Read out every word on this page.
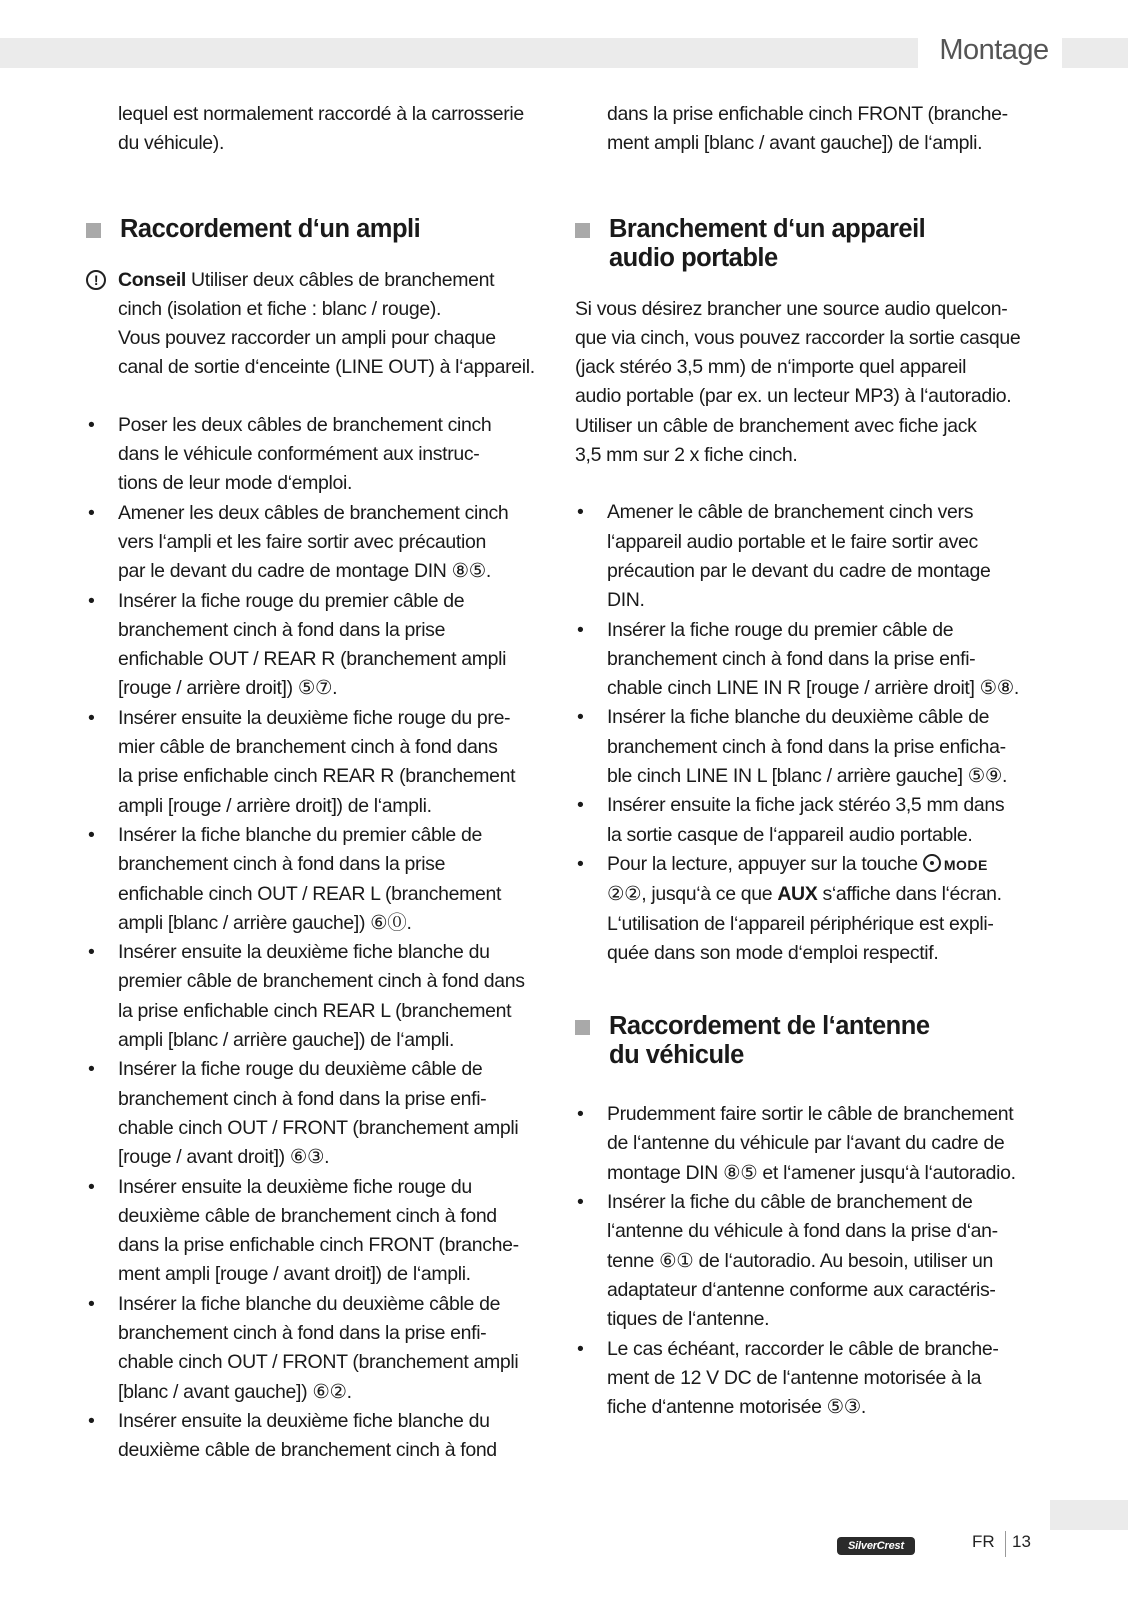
Montage

lequel est normalement raccordé à la carrosserie

du véhicule).

Raccordement d‘un ampli
!	Conseil Utiliser deux câbles de branchement

cinch (isolation et fiche : blanc / rouge).

Vous pouvez raccorder un ampli pour chaque

canal de sortie d‘enceinte (LINE OUT) à l‘appareil.

• Poser les deux câbles de branchement cinch

dans le véhicule conformément aux instruc-

tions de leur mode d‘emploi.

• Amener les deux câbles de branchement cinch

vers l‘ampli et les faire sortir avec précaution

par le devant du cadre de montage DIN ⑧⑤.

• Insérer la fiche rouge du premier câble de

branchement cinch à fond dans la prise

enfichable OUT / REAR R (branchement ampli

[rouge / arrière droit]) ⑤⑦.

• Insérer ensuite la deuxième fiche rouge du pre-

mier câble de branchement cinch à fond dans

la prise enfichable cinch REAR R (branchement

ampli [rouge / arrière droit]) de l‘ampli.

• Insérer la fiche blanche du premier câble de

branchement cinch à fond dans la prise

enfichable cinch OUT / REAR L (branchement

ampli [blanc / arrière gauche]) ⑥⓪.

• Insérer ensuite la deuxième fiche blanche du

premier câble de branchement cinch à fond dans

la prise enfichable cinch REAR L (branchement

ampli [blanc / arrière gauche]) de l‘ampli.

• Insérer la fiche rouge du deuxième câble de

branchement cinch à fond dans la prise enfi-

chable cinch OUT / FRONT (branchement ampli

[rouge / avant droit]) ⑥③.

• Insérer ensuite la deuxième fiche rouge du

deuxième câble de branchement cinch à fond

dans la prise enfichable cinch FRONT (branche-

ment ampli [rouge / avant droit]) de l‘ampli.

• Insérer la fiche blanche du deuxième câble de

branchement cinch à fond dans la prise enfi-

chable cinch OUT / FRONT (branchement ampli

[blanc / avant gauche]) ⑥②.

• Insérer ensuite la deuxième fiche blanche du

deuxième câble de branchement cinch à fond

dans la prise enfichable cinch FRONT (branche-

ment ampli [blanc / avant gauche]) de l‘ampli.

Branchement d‘un appareil
audio portable

Si vous désirez brancher une source audio quelcon-

que via cinch, vous pouvez raccorder la sortie casque

(jack stéréo 3,5 mm) de n‘importe quel appareil

audio portable (par ex. un lecteur MP3) à l‘autoradio.

Utiliser un câble de branchement avec fiche jack

3,5 mm sur 2 x fiche cinch.

• Amener le câble de branchement cinch vers

l‘appareil audio portable et le faire sortir avec

précaution par le devant du cadre de montage

DIN.

• Insérer la fiche rouge du premier câble de

branchement cinch à fond dans la prise enfi-

chable cinch LINE IN R [rouge / arrière droit] ⑤⑧.

• Insérer la fiche blanche du deuxième câble de

branchement cinch à fond dans la prise enficha-

ble cinch LINE IN L [blanc / arrière gauche] ⑤⑨.

• Insérer ensuite la fiche jack stéréo 3,5 mm dans

la sortie casque de l‘appareil audio portable.

• Pour la lecture, appuyer sur la touche MODE

②②, jusqu‘à ce que AUX s‘affiche dans l‘écran.

L‘utilisation de l‘appareil périphérique est expli-

quée dans son mode d‘emploi respectif.

Raccordement de l‘antenne
du véhicule
• Prudemment faire sortir le câble de branchement

de l‘antenne du véhicule par l‘avant du cadre de

montage DIN ⑧⑤ et l‘amener jusqu‘à l‘autoradio.

• Insérer la fiche du câble de branchement de

l‘antenne du véhicule à fond dans la prise d‘an-

tenne ⑥① de l‘autoradio. Au besoin, utiliser un

adaptateur d‘antenne conforme aux caractéris-

tiques de l‘antenne.

• Le cas échéant, raccorder le câble de branche-

ment de 12 V DC de l‘antenne motorisée à la

fiche d‘antenne motorisée ⑤③.

SilverCrest	FR 13
